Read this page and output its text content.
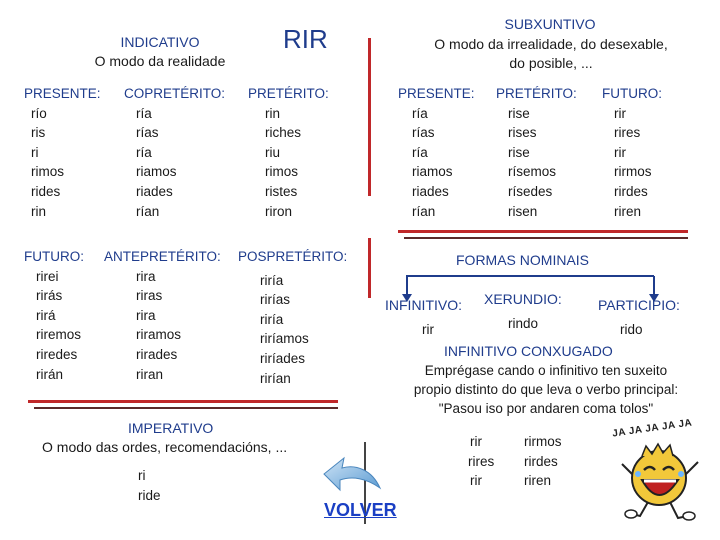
INDICATIVO
O modo da realidade
RIR	SUBXUNTIVO
O modo da irrealidade, do desexable,
do posible, ...
PRESENTE:
río
ris
ri
rimos
rides
rin
COPRETÉRITO:
ría
rías
ría
riamos
riades
rían
PRETÉRITO:
rin
riches
riu
rimos
ristes
riron
FUTURO:
rirei
rirás
rirá
riremos
riredes
rirán
ANTEPRETÉRITO:
rira
riras
rira
riramos
rirades
riran
POSPRETÉRITO:
riría
rirías
riría
riríamos
riríades
rirían
PRESENTE:
ría
rías
ría
riamos
riades
rían
PRETÉRITO:
rise
rises
rise
rísemos
rísedes
risen
FUTURO:
rir
rires
rir
rirmos
rirdes
riren
FORMAS NOMINAIS
INFINITIVO:
rir
XERUNDIO:
rindo
PARTICIPIO:
rido
INFINITIVO CONXUGADO
Emprégase cando o infinitivo ten suxeito
propio distinto do que leva o verbo principal:
"Pasou iso por andaren coma tolos"
rir
rires
rir
rirmos
rirdes
riren
IMPERATIVO
O modo das ordes, recomendacións, ...
ri
ride
VOLVER
JA JA JA JA JA
